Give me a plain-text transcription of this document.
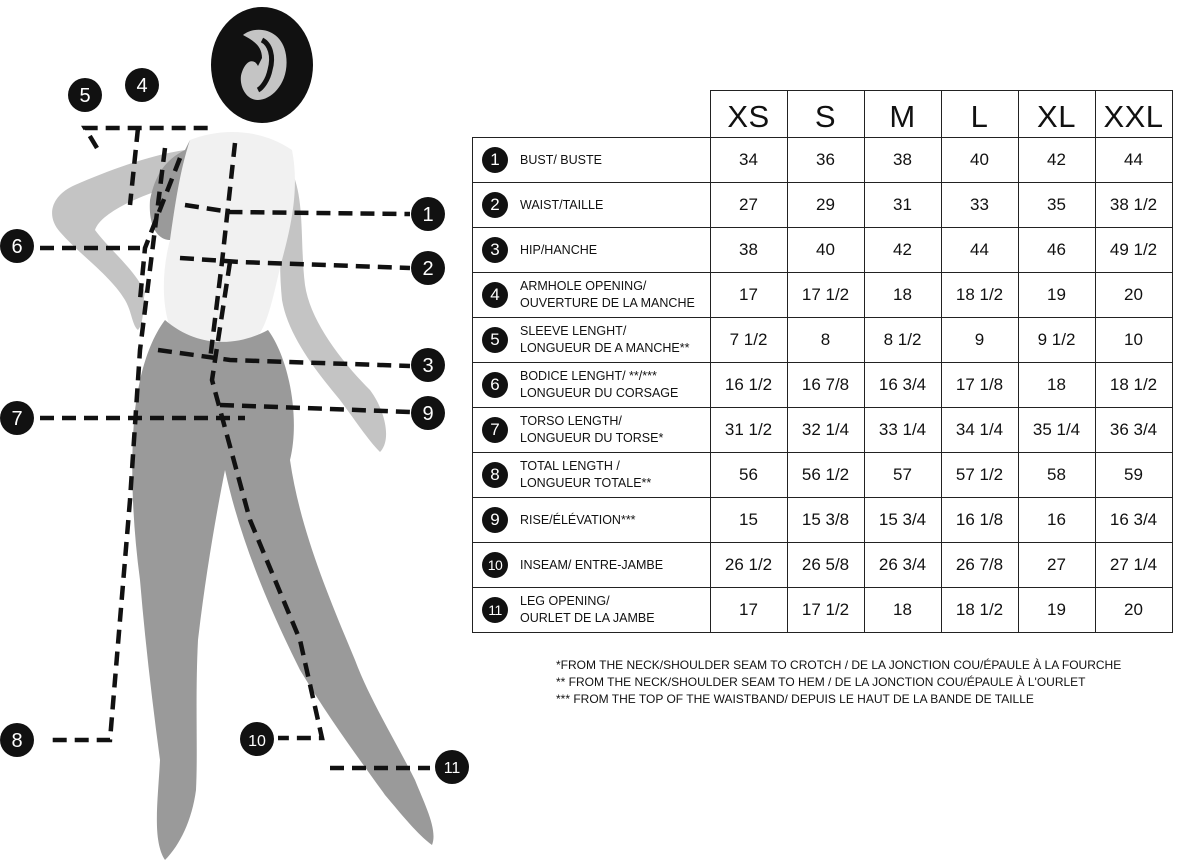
5 4
1
6
2
3
7	9
8	10
11
	XS	S	M	L	XL	XXL

1 BUST/ BUSTE	34	36	38	40	42	44

2 WAIST/TAILLE	27	29	31	33	35	38 1/2

3 HIP/HANCHE	38	40	42	44	46	49 1/2

4 ARMHOLE OPENING/
OUVERTURE DE LA MANCHE	17	17 1/2	18	18 1/2	19	20

5 SLEEVE LENGHT/
LONGUEUR DE A MANCHE**	7 1/2	8	8 1/2	9	9 1/2	10

6 BODICE LENGHT/ **/***
LONGUEUR DU CORSAGE	16 1/2	16 7/8	16 3/4	17 1/8	18	18 1/2

7 TORSO LENGTH/
LONGUEUR DU TORSE*	31 1/2	32 1/4	33 1/4	34 1/4	35 1/4	36 3/4

8 TOTAL LENGTH /
LONGUEUR TOTALE**	56	56 1/2	57	57 1/2	58	59

9 RISE/ÉLÉVATION***	15	15 3/8	15 3/4	16 1/8	16	16 3/4

10 INSEAM/ ENTRE-JAMBE	26 1/2	26 5/8	26 3/4	26 7/8	27	27 1/4

11
LEG OPENING/
OURLET DE LA JAMBE	17	17 1/2	18	18 1/2	19	20
*FROM THE NECK/SHOULDER SEAM TO CROTCH / DE LA JONCTION COU/ÉPAULE À LA FOURCHE
** FROM THE NECK/SHOULDER SEAM TO HEM / DE LA JONCTION COU/ÉPAULE À L'OURLET
*** FROM THE TOP OF THE WAISTBAND/ DEPUIS LE HAUT DE LA BANDE DE TAILLE
